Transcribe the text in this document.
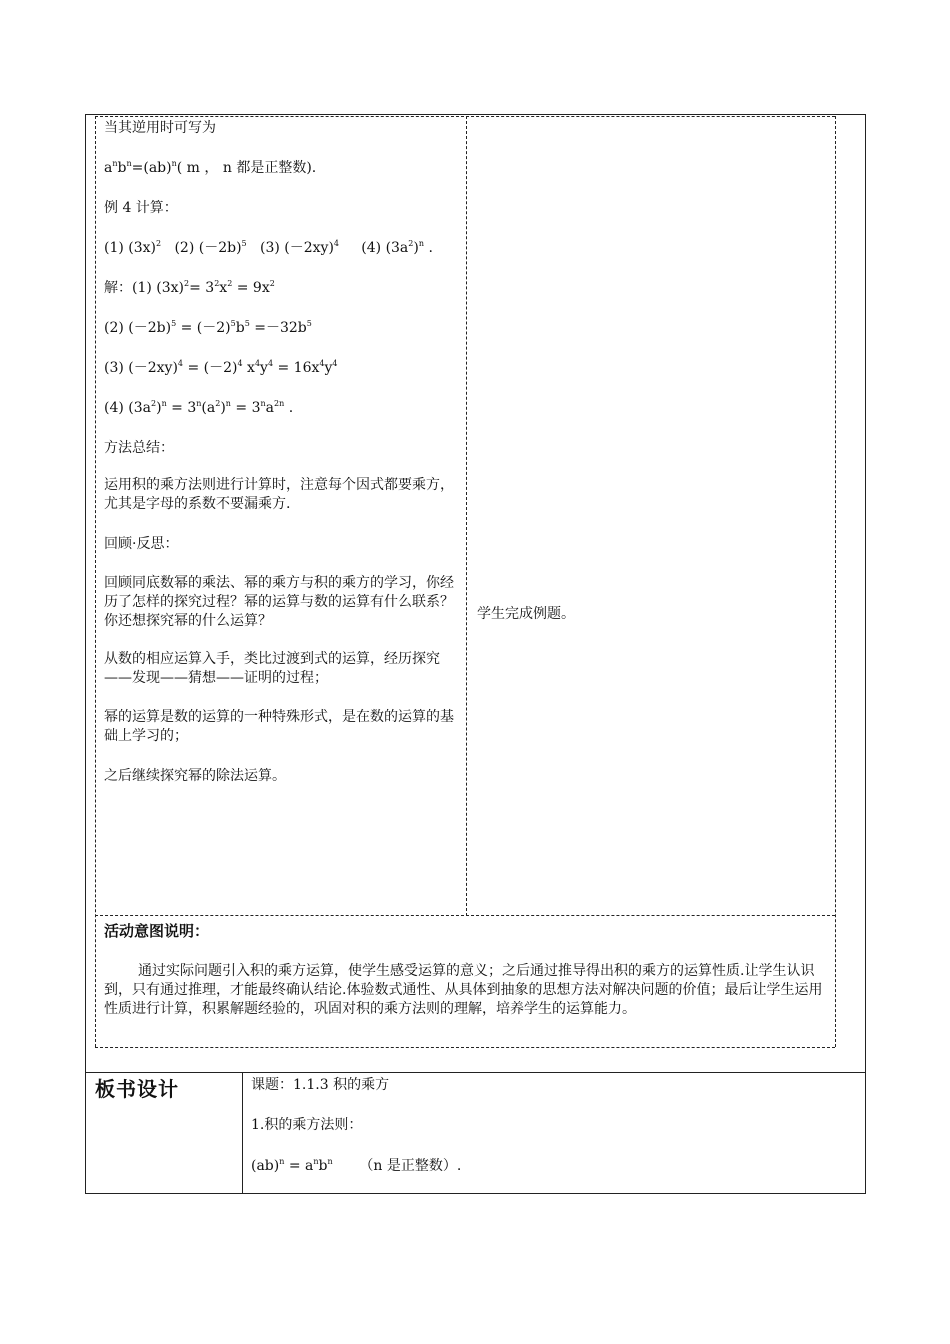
当其逆用时可写为
$a^nb^n=(ab)^n$( m ， n 都是正整数).
例 4 计算：
(1) $(3x)^2$ (2) $(-2b)^5$ (3) $(-2xy)^4$ (4) $(3a^2)^n$ .
解：(1) $(3x)^2= 3^2x^2 = 9x^2$
(2) $(-2b)^5 = (-2)^5b^5 =-32b^5$
(3) $(-2xy)^4 = (-2)^4$ $x^4y^4 = 16x^4y^4$
(4) $(3a^2)^n = 3^n(a^2)^n = 3^na^{2n}$ .
方法总结：
运用积的乘方法则进行计算时，注意每个因式都要乘方，尤其是字母的系数不要漏乘方.
回顾·反思：
回顾同底数幂的乘法、幂的乘方与积的乘方的学习，你经历了怎样的探究过程？幂的运算与数的运算有什么联系？你还想探究幂的什么运算？
从数的相应运算入手，类比过渡到式的运算，经历探究——发现——猜想——证明的过程；
幂的运算是数的运算的一种特殊形式，是在数的运算的基础上学习的；
之后继续探究幂的除法运算。
学生完成例题。
活动意图说明：
通过实际问题引入积的乘方运算，使学生感受运算的意义；之后通过推导得出积的乘方的运算性质.让学生认识到，只有通过推理，才能最终确认结论.体验数式通性、从具体到抽象的思想方法对解决问题的价值；最后让学生运用性质进行计算，积累解题经验的，巩固对积的乘方法则的理解，培养学生的运算能力。
板书设计	课题：1.1.3 积的乘方
1.积的乘方法则：
$(ab)^n = a^nb^n$      （n 是正整数）.
